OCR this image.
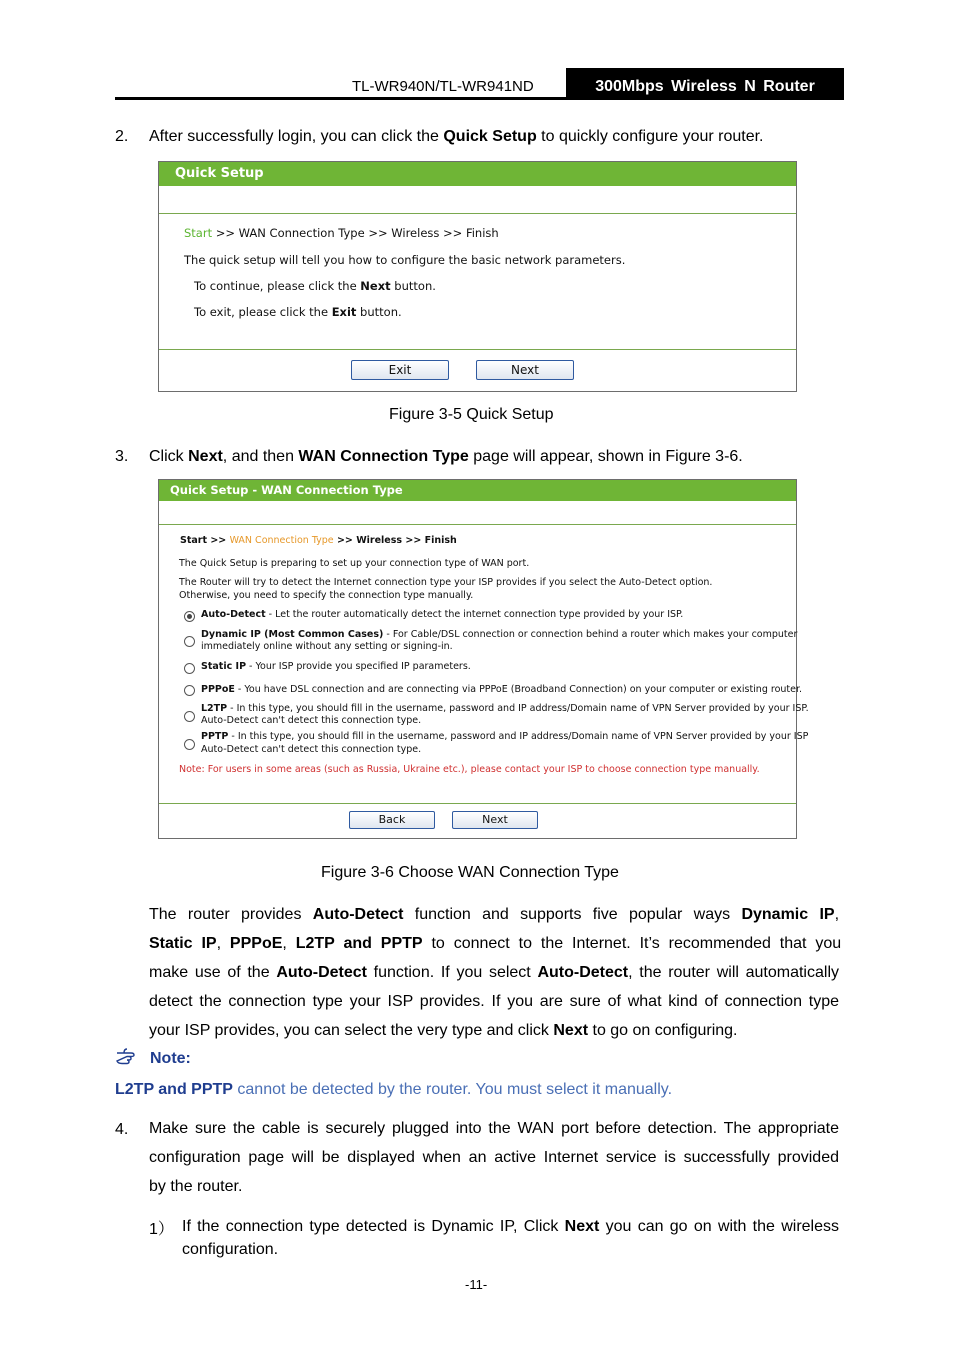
TL-WR940N/TL-WR941ND	300Mbps Wireless N Router
2. After successfully login, you can click the Quick Setup to quickly configure your router.
Quick Setup
Start >> WAN Connection Type >> Wireless >> Finish
The quick setup will tell you how to configure the basic network parameters.
To continue, please click the Next button.
To exit, please click the Exit button.
Exit	Next
Figure 3-5 Quick Setup
3. Click Next, and then WAN Connection Type page will appear, shown in Figure 3-6.
Quick Setup - WAN Connection Type
Start >> WAN Connection Type >> Wireless >> Finish
The Quick Setup is preparing to set up your connection type of WAN port.
The Router will try to detect the Internet connection type your ISP provides if you select the Auto-Detect option.
Otherwise, you need to specify the connection type manually.
Auto-Detect - Let the router automatically detect the internet connection type provided by your ISP.
Dynamic IP (Most Common Cases) - For Cable/DSL connection or connection behind a router which makes your computer
immediately online without any setting or signing-in.
Static IP - Your ISP provide you specified IP parameters.
PPPoE - You have DSL connection and are connecting via PPPoE (Broadband Connection) on your computer or existing router.
L2TP - In this type, you should fill in the username, password and IP address/Domain name of VPN Server provided by your ISP.
Auto-Detect can't detect this connection type.
PPTP - In this type, you should fill in the username, password and IP address/Domain name of VPN Server provided by your ISP
Auto-Detect can't detect this connection type.
Note: For users in some areas (such as Russia, Ukraine etc.), please contact your ISP to choose connection type manually.
Back	Next
Figure 3-6 Choose WAN Connection Type
The  router  provides  Auto-Detect  function  and  supports  five  popular  ways  Dynamic  IP,
Static  IP,  PPPoE,  L2TP  and  PPTP  to  connect  to  the  Internet.  It’s  recommended  that  you
make use of the Auto-Detect function. If you select Auto-Detect, the router will automatically
detect the connection type your ISP provides. If you are sure of what kind of connection type
your ISP provides, you can select the very type and click Next to go on configuring.
Note:
L2TP and PPTP cannot be detected by the router. You must select it manually.
4. Make sure the cable is securely plugged into the WAN port before detection. The appropriate
configuration page will be displayed when an active Internet service is successfully provided
by the router.
1） If the connection type detected is Dynamic IP, Click Next you can go on with the wireless
configuration.
-11-
